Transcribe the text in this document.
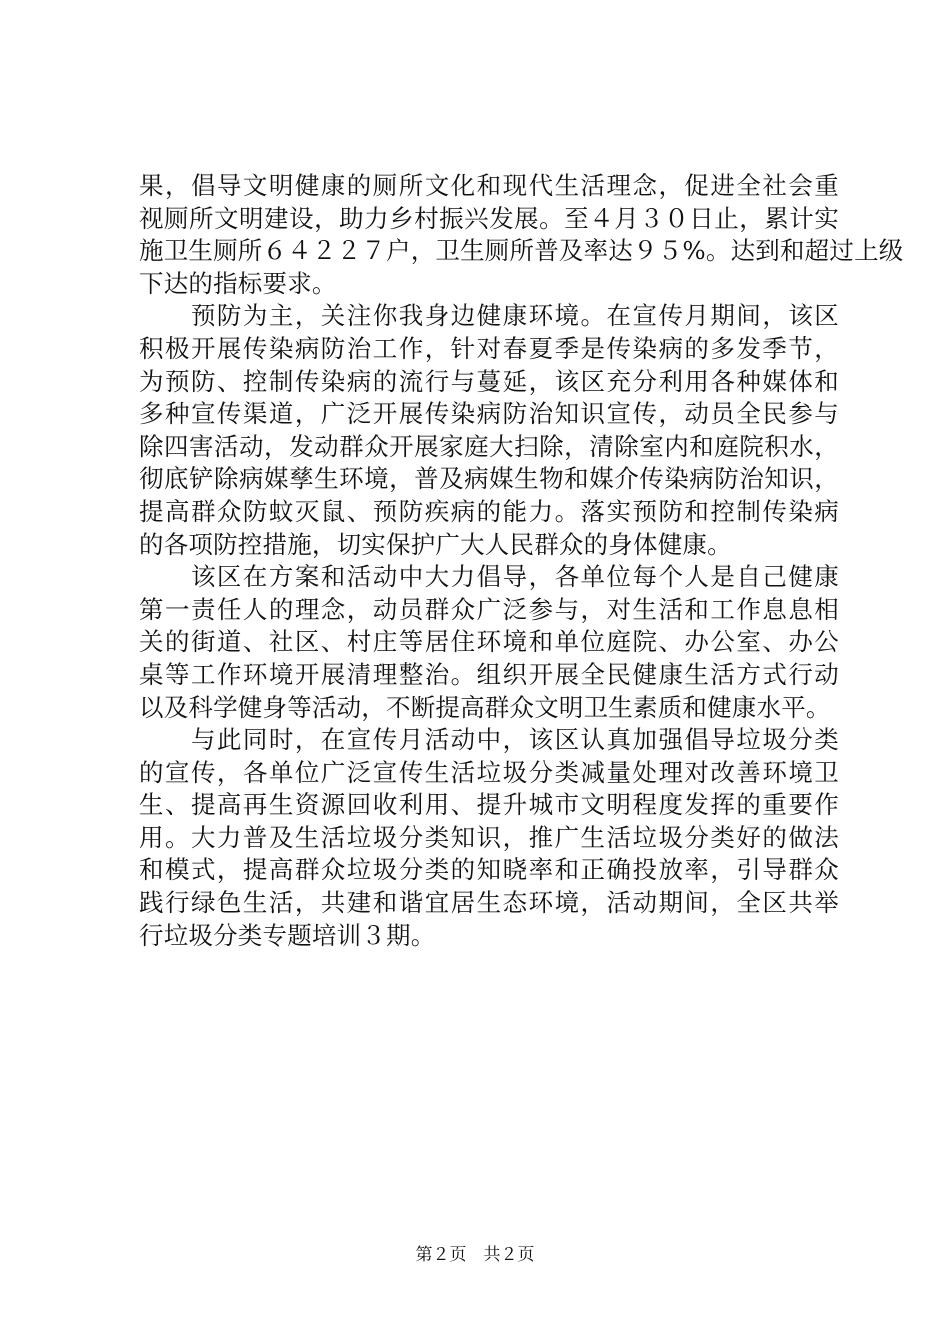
果，倡导文明健康的厕所文化和现代生活理念，促进全社会重
视厕所文明建设，助力乡村振兴发展。至４月３０日止，累计实
施卫生厕所６４２２７户，卫生厕所普及率达９５%。达到和超过上级
下达的指标要求。
　　预防为主，关注你我身边健康环境。在宣传月期间，该区
积极开展传染病防治工作，针对春夏季是传染病的多发季节，
为预防、控制传染病的流行与蔓延，该区充分利用各种媒体和
多种宣传渠道，广泛开展传染病防治知识宣传，动员全民参与
除四害活动，发动群众开展家庭大扫除，清除室内和庭院积水，
彻底铲除病媒孳生环境，普及病媒生物和媒介传染病防治知识，
提高群众防蚊灭鼠、预防疾病的能力。落实预防和控制传染病
的各项防控措施，切实保护广大人民群众的身体健康。
　　该区在方案和活动中大力倡导，各单位每个人是自己健康
第一责任人的理念，动员群众广泛参与，对生活和工作息息相
关的街道、社区、村庄等居住环境和单位庭院、办公室、办公
桌等工作环境开展清理整治。组织开展全民健康生活方式行动
以及科学健身等活动，不断提高群众文明卫生素质和健康水平。
　　与此同时，在宣传月活动中，该区认真加强倡导垃圾分类
的宣传，各单位广泛宣传生活垃圾分类减量处理对改善环境卫
生、提高再生资源回收利用、提升城市文明程度发挥的重要作
用。大力普及生活垃圾分类知识，推广生活垃圾分类好的做法
和模式，提高群众垃圾分类的知晓率和正确投放率，引导群众
践行绿色生活，共建和谐宜居生态环境，活动期间，全区共举
行垃圾分类专题培训３期。
第２页　共２页
